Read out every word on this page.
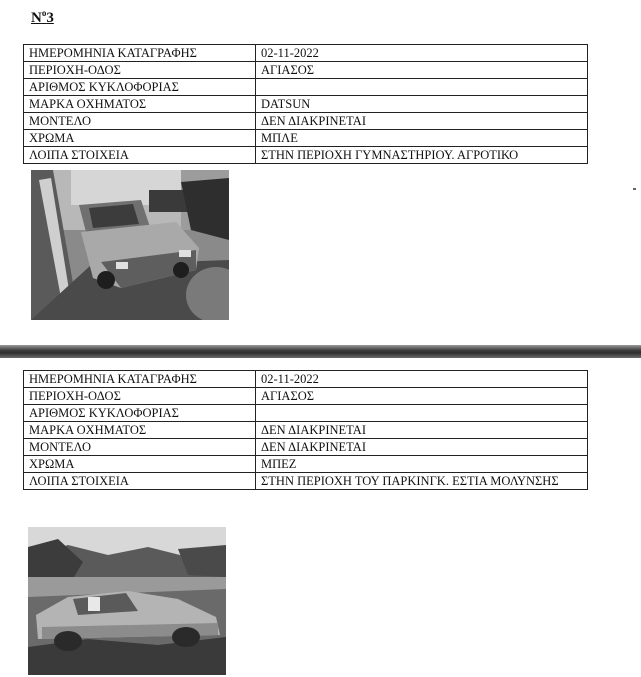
$N^o3$
ΗΜΕΡΟΜΗΝΙΑ ΚΑΤΑΓΡΑΦΗΣ	02-11-2022
ΠΕΡΙΟΧΗ-ΟΔΟΣ	ΑΓΙΑΣΟΣ
ΑΡΙΘΜΟΣ ΚΥΚΛΟΦΟΡΙΑΣ	
ΜΑΡΚΑ ΟΧΗΜΑΤΟΣ	DATSUN
ΜΟΝΤΕΛΟ	ΔΕΝ ΔΙΑΚΡΙΝΕΤΑΙ
ΧΡΩΜΑ	ΜΠΛΕ
ΛΟΙΠΑ ΣΤΟΙΧΕΙΑ	ΣΤΗΝ ΠΕΡΙΟΧΗ ΓΥΜΝΑΣΤΗΡΙΟΥ. ΑΓΡΟΤΙΚΟ
ΗΜΕΡΟΜΗΝΙΑ ΚΑΤΑΓΡΑΦΗΣ	02-11-2022
ΠΕΡΙΟΧΗ-ΟΔΟΣ	ΑΓΙΑΣΟΣ
ΑΡΙΘΜΟΣ ΚΥΚΛΟΦΟΡΙΑΣ	
ΜΑΡΚΑ ΟΧΗΜΑΤΟΣ	ΔΕΝ ΔΙΑΚΡΙΝΕΤΑΙ
ΜΟΝΤΕΛΟ	ΔΕΝ ΔΙΑΚΡΙΝΕΤΑΙ
ΧΡΩΜΑ	ΜΠΕΖ
ΛΟΙΠΑ ΣΤΟΙΧΕΙΑ	ΣΤΗΝ ΠΕΡΙΟΧΗ ΤΟΥ ΠΑΡΚΙΝΓΚ. ΕΣΤΙΑ ΜΟΛΥΝΣΗΣ
